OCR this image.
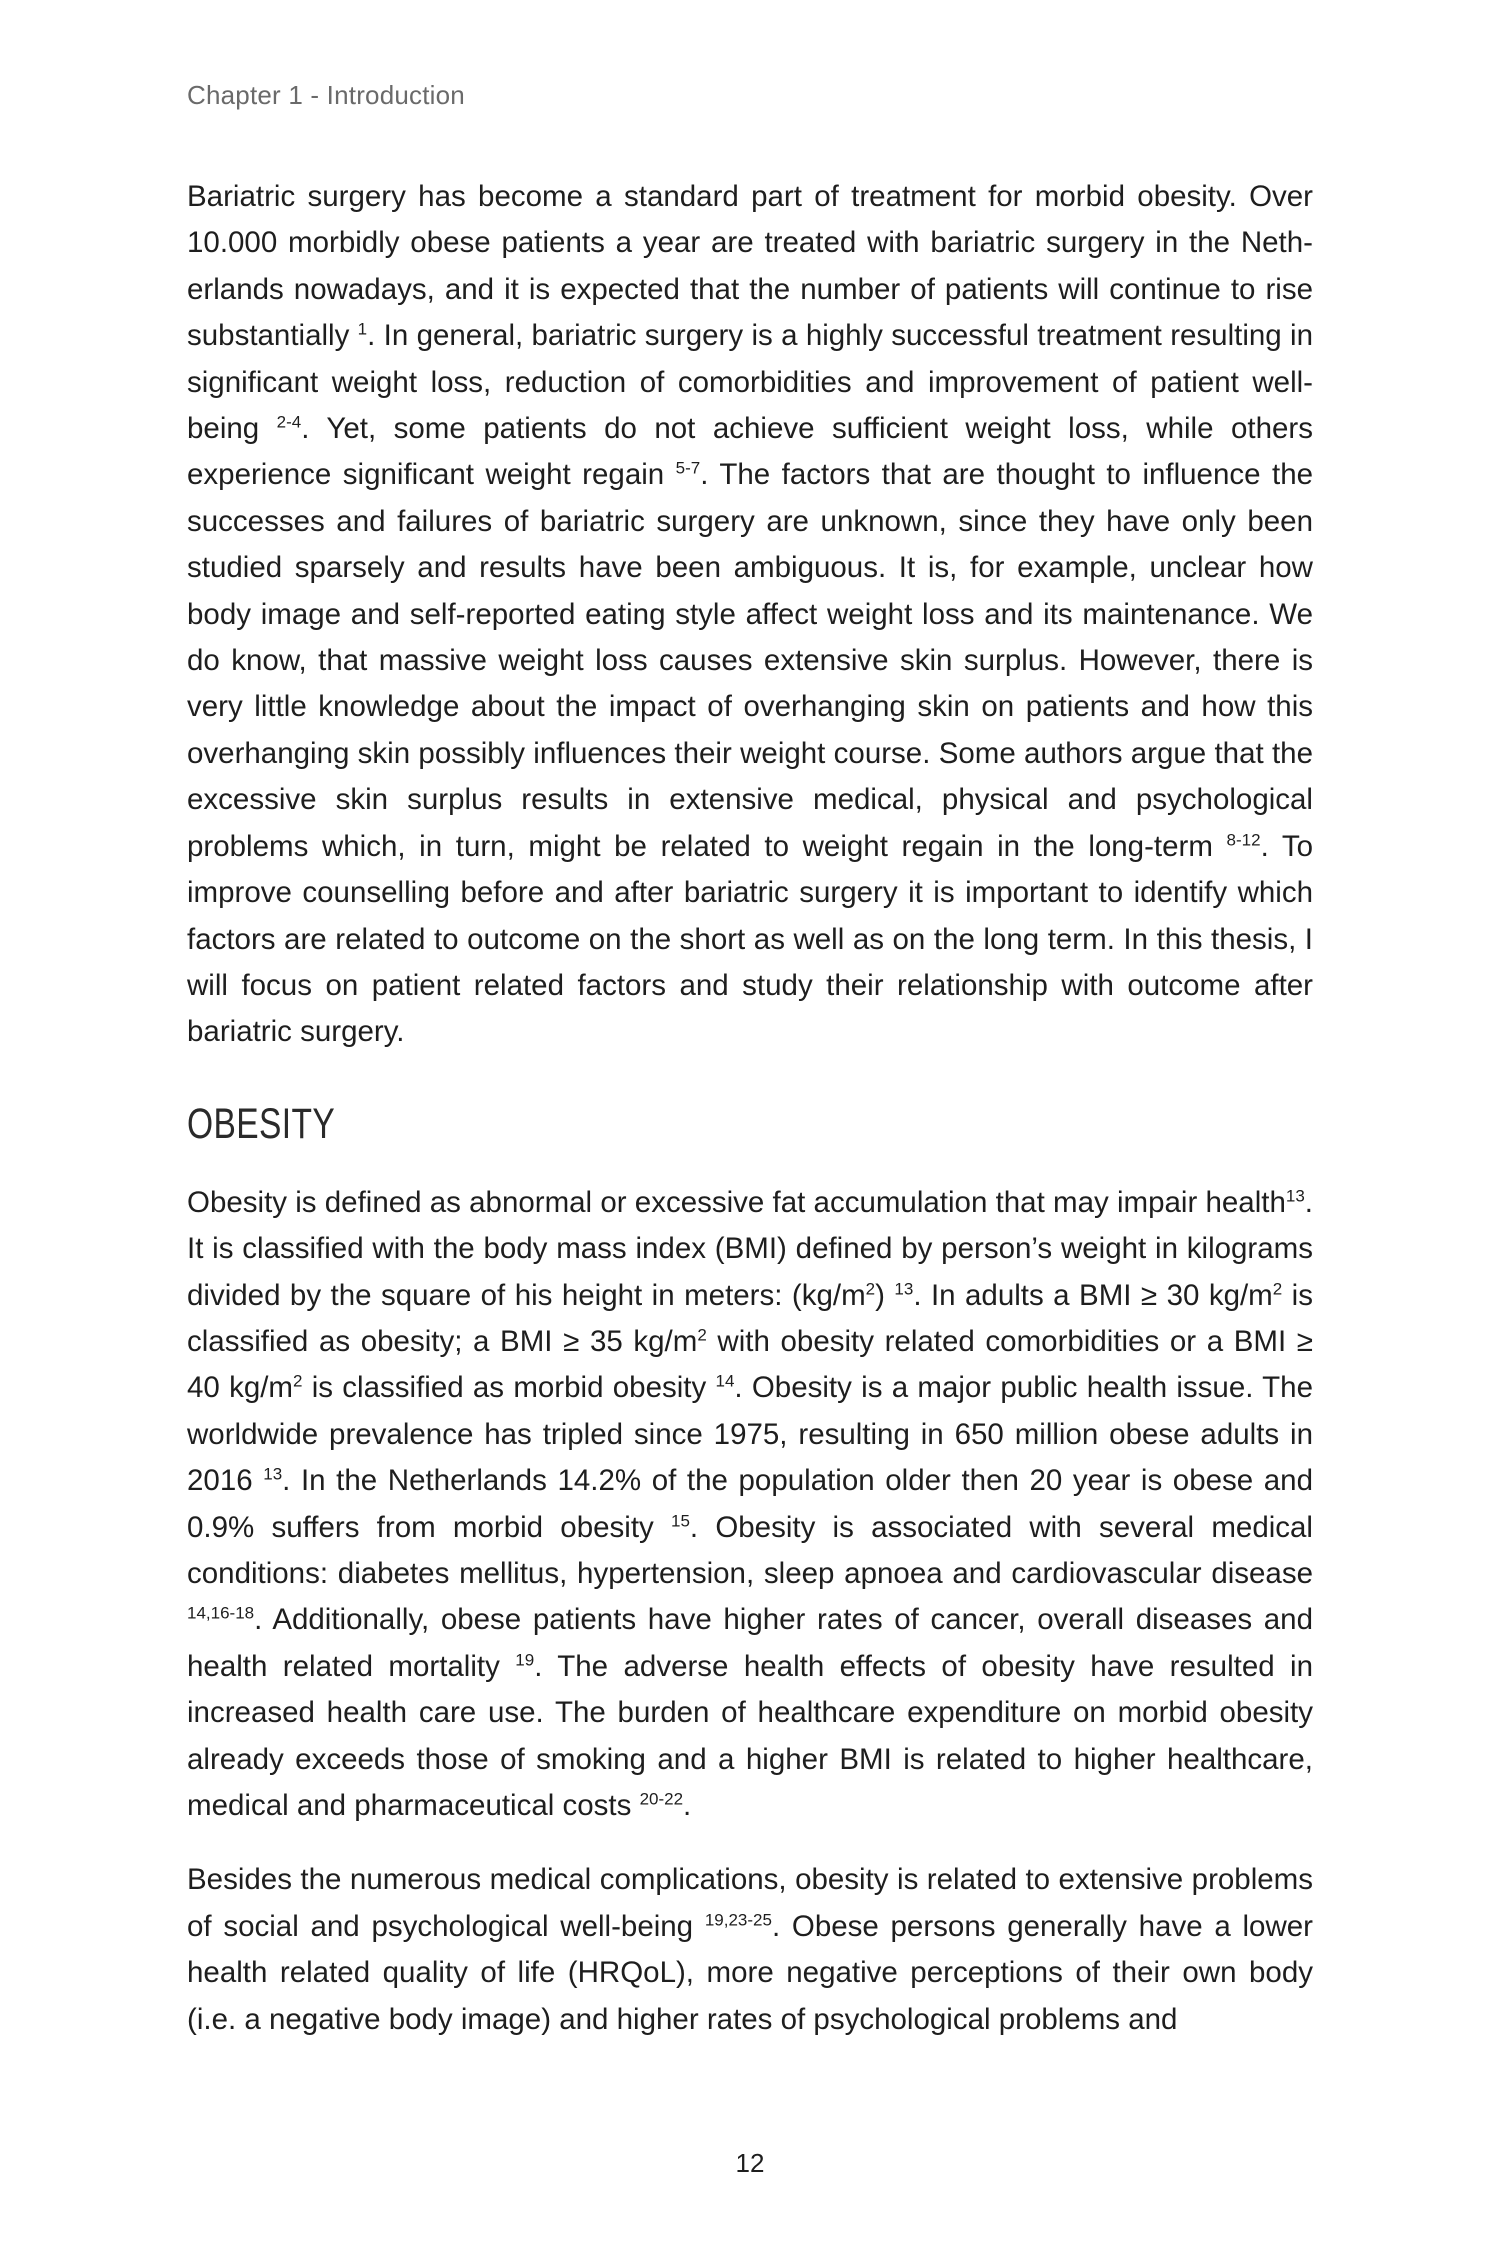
Chapter 1 - Introduction

Bariatric surgery has become a standard part of treatment for morbid obesity. Over 10.000 morbidly obese patients a year are treated with bariatric surgery in the Netherlands nowadays, and it is expected that the number of patients will continue to rise substantially $^1$. In general, bariatric surgery is a highly successful treatment resulting in significant weight loss, reduction of comorbidities and improvement of patient well-being $^{2-4}$. Yet, some patients do not achieve sufficient weight loss, while others experience significant weight regain $^{5-7}$. The factors that are thought to influence the successes and failures of bariatric surgery are unknown, since they have only been studied sparsely and results have been ambiguous. It is, for example, unclear how body image and self-reported eating style affect weight loss and its maintenance. We do know, that massive weight loss causes extensive skin surplus. However, there is very little knowledge about the impact of overhanging skin on patients and how this overhanging skin possibly influences their weight course. Some authors argue that the excessive skin surplus results in extensive medical, physical and psychological problems which, in turn, might be related to weight regain in the long-term $^{8-12}$. To improve counselling before and after bariatric surgery it is important to identify which factors are related to outcome on the short as well as on the long term. In this thesis, I will focus on patient related factors and study their relationship with outcome after bariatric surgery.

OBESITY

Obesity is defined as abnormal or excessive fat accumulation that may impair health$^{13}$. It is classified with the body mass index (BMI) defined by person’s weight in kilograms divided by the square of his height in meters: $(kg/m^2)$ $^{13}$. In adults a BMI ≥ 30 $kg/m^2$ is classified as obesity; a BMI ≥ 35 $kg/m^2$ with obesity related comorbidities or a BMI ≥ 40 $kg/m^2$ is classified as morbid obesity $^{14}$. Obesity is a major public health issue. The worldwide prevalence has tripled since 1975, resulting in 650 million obese adults in 2016 $^{13}$. In the Netherlands 14.2% of the population older then 20 year is obese and 0.9% suffers from morbid obesity $^{15}$. Obesity is associated with several medical conditions: diabetes mellitus, hypertension, sleep apnoea and cardiovascular disease $^{14,16-18}$. Additionally, obese patients have higher rates of cancer, overall diseases and health related mortality $^{19}$. The adverse health effects of obesity have resulted in increased health care use. The burden of healthcare expenditure on morbid obesity already exceeds those of smoking and a higher BMI is related to higher healthcare, medical and pharmaceutical costs $^{20-22}$.

Besides the numerous medical complications, obesity is related to extensive problems of social and psychological well-being $^{19,23-25}$. Obese persons generally have a lower health related quality of life (HRQoL), more negative perceptions of their own body (i.e. a negative body image) and higher rates of psychological problems and

12
